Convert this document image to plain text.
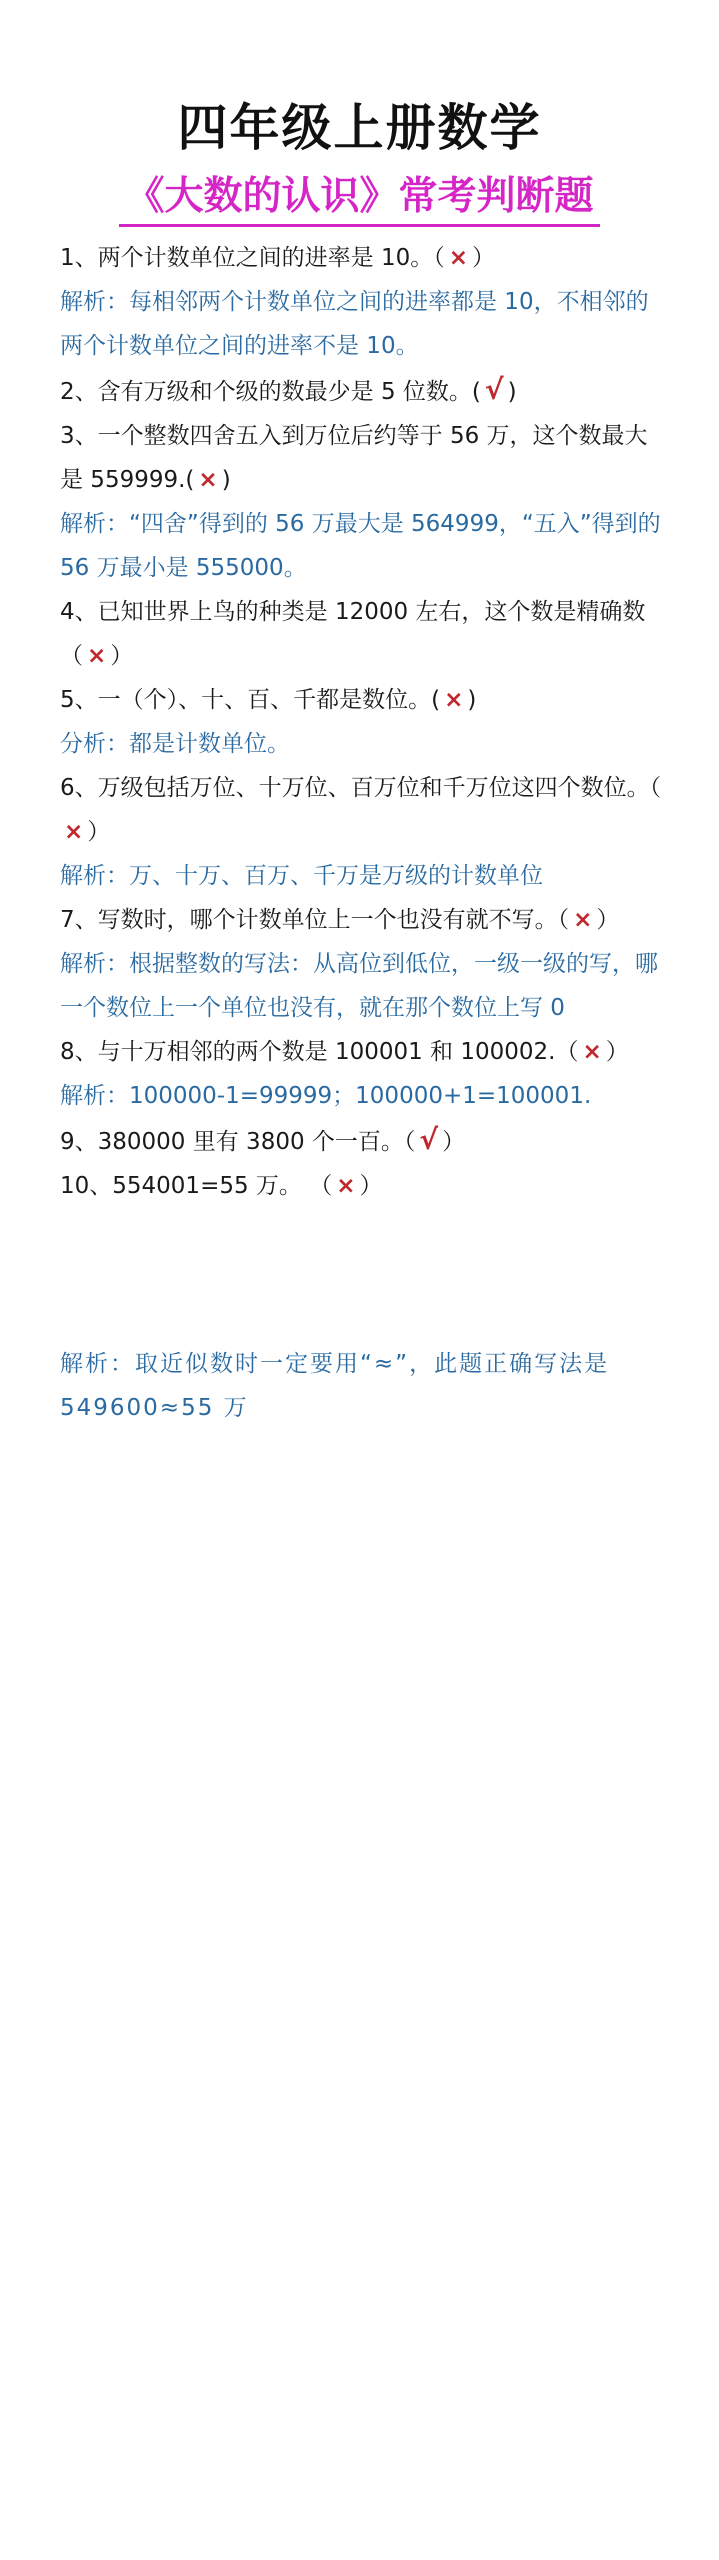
四年级上册数学
《大数的认识》常考判断题

1、两个计数单位之间的进率是 10。（ × ）

解析：每相邻两个计数单位之间的进率都是 10，不相邻的两个计数单位之间的进率不是 10。

2、含有万级和个级的数最少是 5 位数。( √ )

3、一个整数四舍五入到万位后约等于 56 万，这个数最大是 559999.( × )

解析：“四舍”得到的 56 万最大是 564999，“五入”得到的 56 万最小是 555000。

4、已知世界上鸟的种类是 12000 左右，这个数是精确数（ × ）

5、一（个）、十、百、千都是数位。( × )

分析：都是计数单位。

6、万级包括万位、十万位、百万位和千万位这四个数位。（× ）

解析：万、十万、百万、千万是万级的计数单位

7、写数时，哪个计数单位上一个也没有就不写。（ × ）

解析：根据整数的写法：从高位到低位，一级一级的写，哪一个数位上一个单位也没有，就在那个数位上写 0

8、与十万相邻的两个数是 100001 和 100002.（ × ）

解析：100000-1=99999；100000+1=100001.

9、380000 里有 3800 个一百。（ √ ）

10、554001=55 万。 （ × ）

解析：取近似数时一定要用“≈”，此题正确写法是 549600≈55 万
